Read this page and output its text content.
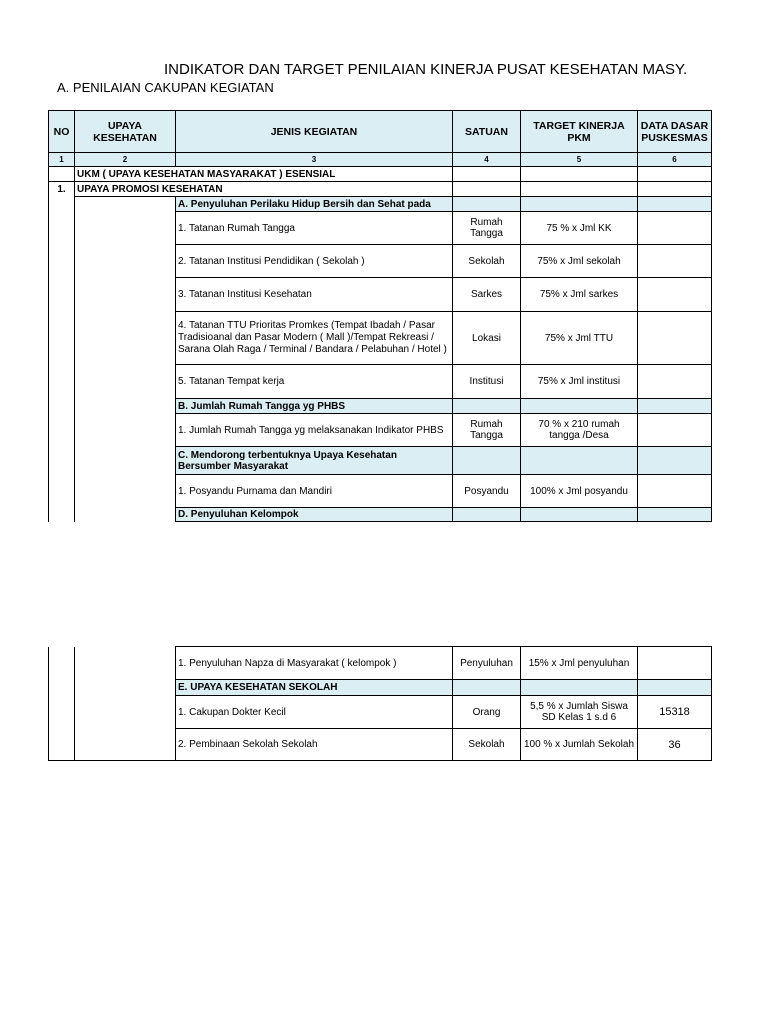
INDIKATOR DAN TARGET PENILAIAN KINERJA PUSAT KESEHATAN MASY.
A. PENILAIAN CAKUPAN KEGIATAN
NO	UPAYA KESEHATAN	JENIS KEGIATAN	SATUAN	TARGET KINERJA PKM	DATA DASAR PUSKESMAS
1	2	3	4	5	6
	UKM ( UPAYA KESEHATAN MASYARAKAT ) ESENSIAL				
1.	UPAYA PROMOSI KESEHATAN				
		A. Penyuluhan Perilaku Hidup Bersih dan Sehat pada			
		1. Tatanan Rumah Tangga	Rumah Tangga	75 % x Jml KK	
		2. Tatanan Institusi Pendidikan ( Sekolah )	Sekolah	75% x Jml sekolah	
		3. Tatanan Institusi Kesehatan	Sarkes	75% x Jml sarkes	
		4. Tatanan TTU Prioritas Promkes (Tempat Ibadah / Pasar Tradisioanal dan Pasar Modern ( Mall )/Tempat Rekreasi / Sarana Olah Raga / Terminal / Bandara / Pelabuhan / Hotel )	Lokasi	75% x Jml TTU	
		5. Tatanan Tempat kerja	Institusi	75% x Jml institusi	
		B. Jumlah Rumah Tangga yg PHBS			
		1. Jumlah Rumah Tangga yg melaksanakan Indikator PHBS	Rumah Tangga	70 % x 210 rumah tangga /Desa	
		C. Mendorong terbentuknya Upaya Kesehatan Bersumber Masyarakat			
		1. Posyandu Purnama dan Mandiri	Posyandu	100% x Jml posyandu	
		D. Penyuluhan Kelompok			
		1. Penyuluhan Napza di Masyarakat ( kelompok )	Penyuluhan	15% x Jml penyuluhan	
		E. UPAYA KESEHATAN SEKOLAH			
		1. Cakupan Dokter Kecil	Orang	5,5 % x Jumlah Siswa SD Kelas 1 s.d 6	15318
		2. Pembinaan Sekolah Sekolah	Sekolah	100 % x Jumlah Sekolah	36
